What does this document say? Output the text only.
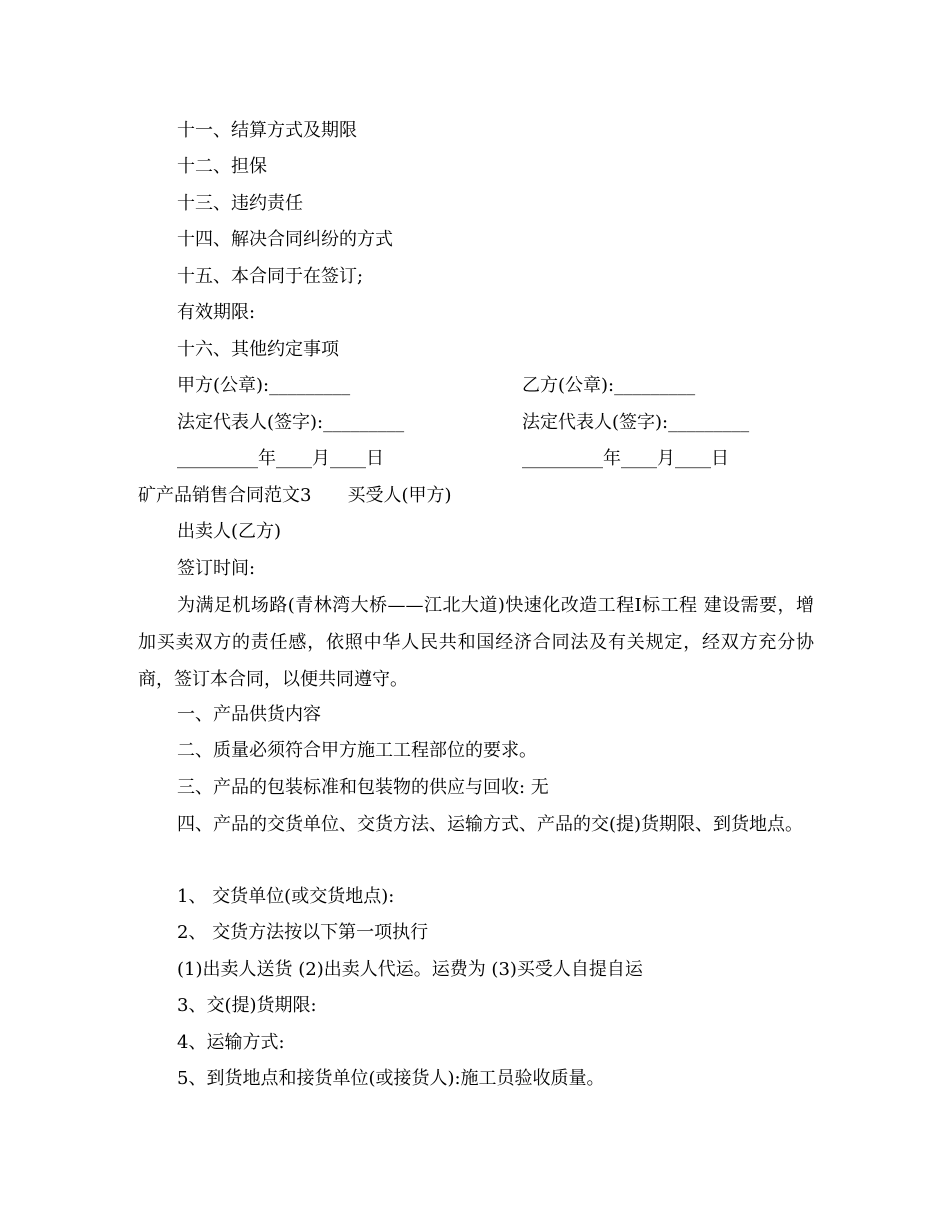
十一、结算方式及期限
十二、担保
十三、违约责任
十四、解决合同纠纷的方式
十五、本合同于在签订;
有效期限:
十六、其他约定事项
甲方(公章):_________	乙方(公章):_________
法定代表人(签字):_________	法定代表人(签字):_________
_________年____月____日	_________年____月____日
矿产品销售合同范文3　　买受人(甲方)
出卖人(乙方)
签订时间:
为满足机场路(青林湾大桥——江北大道)快速化改造工程Ⅰ标工程 建设需要，增加买卖双方的责任感，依照中华人民共和国经济合同法及有关规定，经双方充分协商，签订本合同，以便共同遵守。
一、产品供货内容
二、质量必须符合甲方施工工程部位的要求。
三、产品的包装标准和包装物的供应与回收: 无
四、产品的交货单位、交货方法、运输方式、产品的交(提)货期限、到货地点。
1、 交货单位(或交货地点):
2、 交货方法按以下第一项执行
(1)出卖人送货 (2)出卖人代运。运费为 (3)买受人自提自运
3、交(提)货期限:
4、运输方式:
5、到货地点和接货单位(或接货人):施工员验收质量。
